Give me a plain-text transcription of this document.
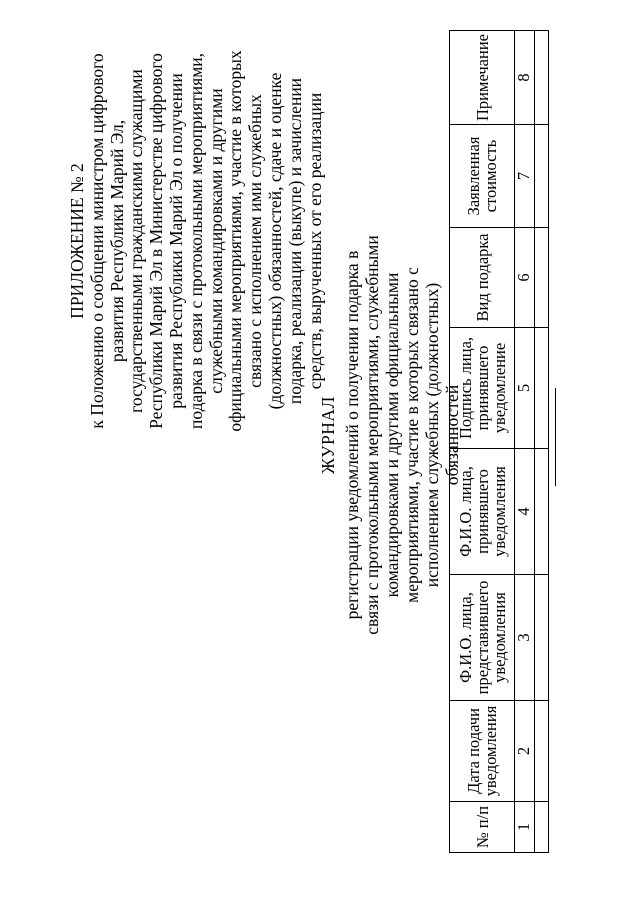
ПРИЛОЖЕНИЕ № 2 к Положению о сообщении министром цифрового развития Республики Марий Эл, государственными гражданскими служащими Республики Марий Эл в Министерстве цифрового развития Республики Марий Эл о получении подарка в связи с протокольными мероприятиями, служебными командировками и другими официальными мероприятиями, участие в которых связано с исполнением ими служебных (должностных) обязанностей, сдаче и оценке подарка, реализации (выкупе) и зачислении средств, вырученных от его реализации
ЖУРНАЛ регистрации уведомлений о получении подарка в связи с протокольными мероприятиями, служебными командировками и другими официальными мероприятиями, участие в которых связано с исполнением служебных (должностных) обязанностей
№ п/п	Дата подачи уведомления	Ф.И.О. лица, представившего уведомления	Ф.И.О. лица, принявшего уведомления	Подпись лица, принявшего уведомление	Вид подарка	Заявленная стоимость	Примечание
1	2	3	4	5	6	7	8
